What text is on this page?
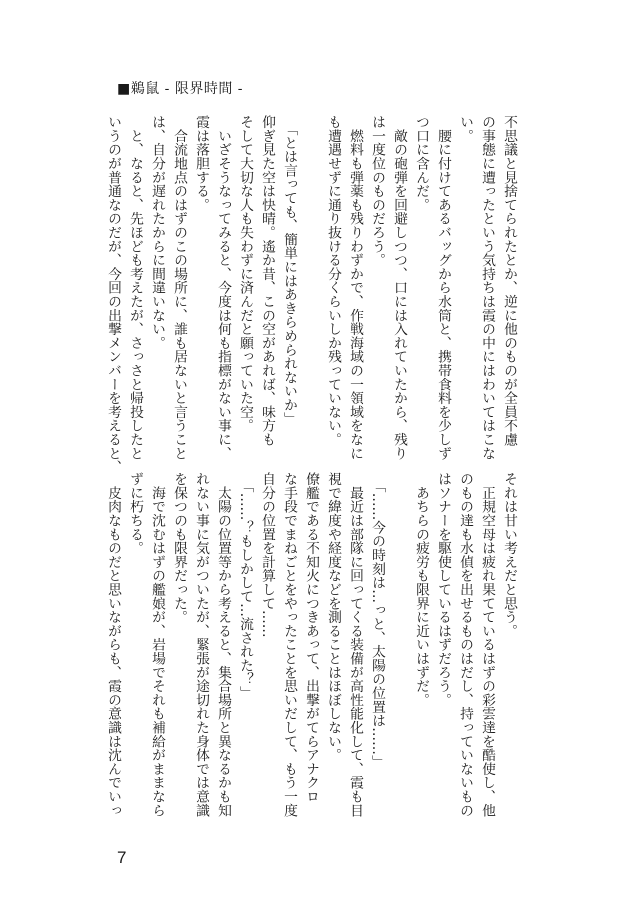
■鵜鼠 - 限界時間 -
不思議と見捨てられたとか、逆に他のものが全員不慮
の事態に遭ったという気持ちは霞の中にはわいてはこな
い。
　腰に付けてあるバッグから水筒と、携帯食料を少しず
つ口に含んだ。
　敵の砲弾を回避しつつ、口には入れていたから、残り
は一度位のものだろう。
　燃料も弾薬も残りわずかで、作戦海域の一領域をなに
も遭遇せずに通り抜ける分くらいしか残っていない。
　「とは言っても、簡単にはあきらめられないか」
仰ぎ見た空は快晴。遙か昔、この空があれば、味方も
そして大切な人も失わずに済んだと願っていた空。
　いざそうなってみると、今度は何も指標がない事に、
霞は落胆する。
　合流地点のはずのこの場所に、誰も居ないと言うこと
は、自分が遅れたからに間違いない。
　と、なると、先ほども考えたが、さっさと帰投したと
いうのが普通なのだが、今回の出撃メンバーを考えると、
それは甘い考えだと思う。
　正規空母は疲れ果てているはずの彩雲達を酷使し、他
のもの達も水偵を出せるものはだし、持っていないもの
はソナーを駆使しているはずだろう。
　あちらの疲労も限界に近いはずだ。
　「……今の時刻は…っと、太陽の位置は……」
　最近は部隊に回ってくる装備が高性能化して、霞も目
視で緯度や経度などを測ることはほぼしない。
僚艦である不知火につきあって、出撃がてらアナクロ
な手段でまねごとをやったことを思いだして、もう一度
自分の位置を計算して……
　「……？もしかして…流された？」
　太陽の位置等から考えると、集合場所と異なるかも知
れない事に気がついたが、緊張が途切れた身体では意識
を保つのも限界だった。
　海で沈むはずの艦娘が、岩場でそれも補給がままなら
ずに朽ちる。
　皮肉なものだと思いながらも、霞の意識は沈んでいっ
7
